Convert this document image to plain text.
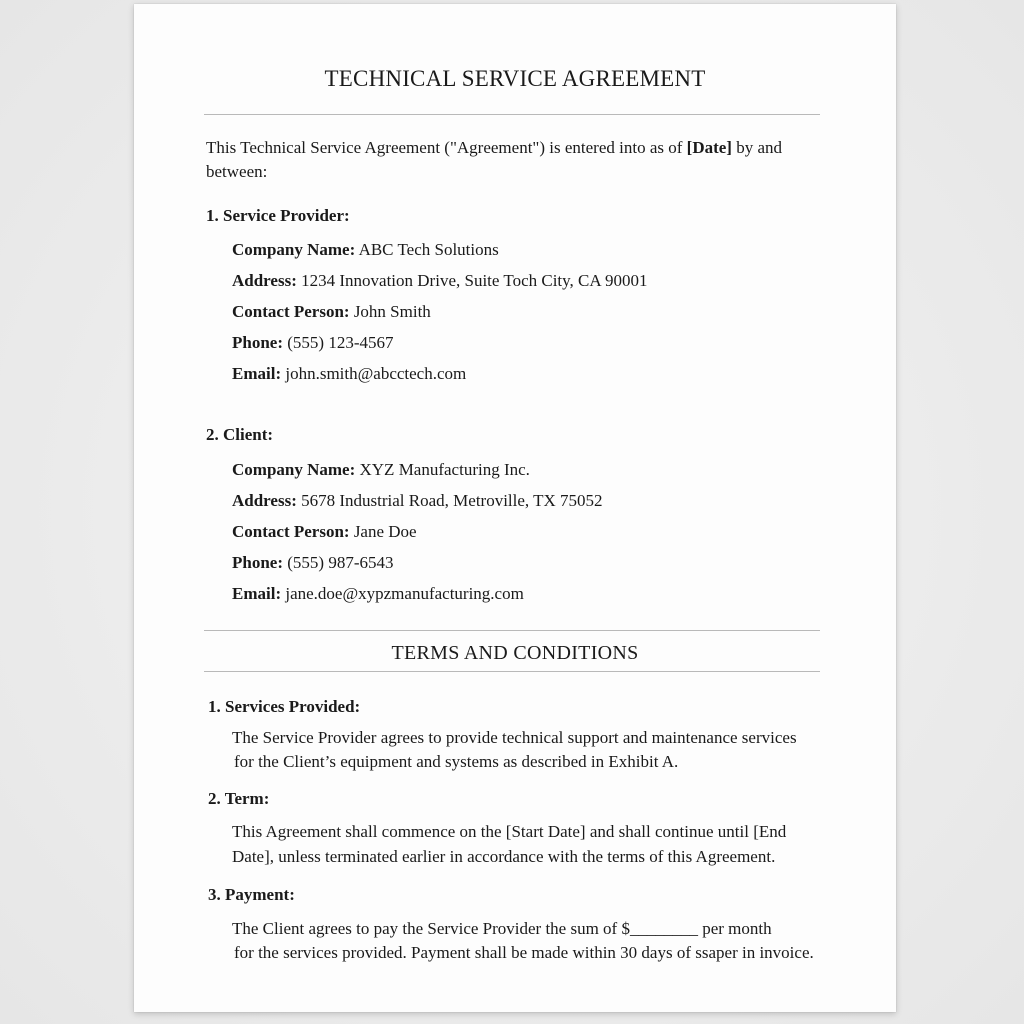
TECHNICAL SERVICE AGREEMENT
This Technical Service Agreement ("Agreement") is entered into as of [Date] by and between:
1. Service Provider:
Company Name: ABC Tech Solutions
Address: 1234 Innovation Drive, Suite Toch City, CA 90001
Contact Person: John Smith
Phone: (555) 123-4567
Email: john.smith@abcctech.com
2. Client:
Company Name: XYZ Manufacturing Inc.
Address: 5678 Industrial Road, Metroville, TX 75052
Contact Person: Jane Doe
Phone: (555) 987-6543
Email: jane.doe@xypzmanufacturing.com
TERMS AND CONDITIONS
1. Services Provided:
The Service Provider agrees to provide technical support and maintenance services
for the Client’s equipment and systems as described in Exhibit A.
2. Term:
This Agreement shall commence on the [Start Date] and shall continue until [End
Date], unless terminated earlier in accordance with the terms of this Agreement.
3. Payment:
The Client agrees to pay the Service Provider the sum of $________ per month
for the services provided. Payment shall be made within 30 days of ssaper in invoice.
